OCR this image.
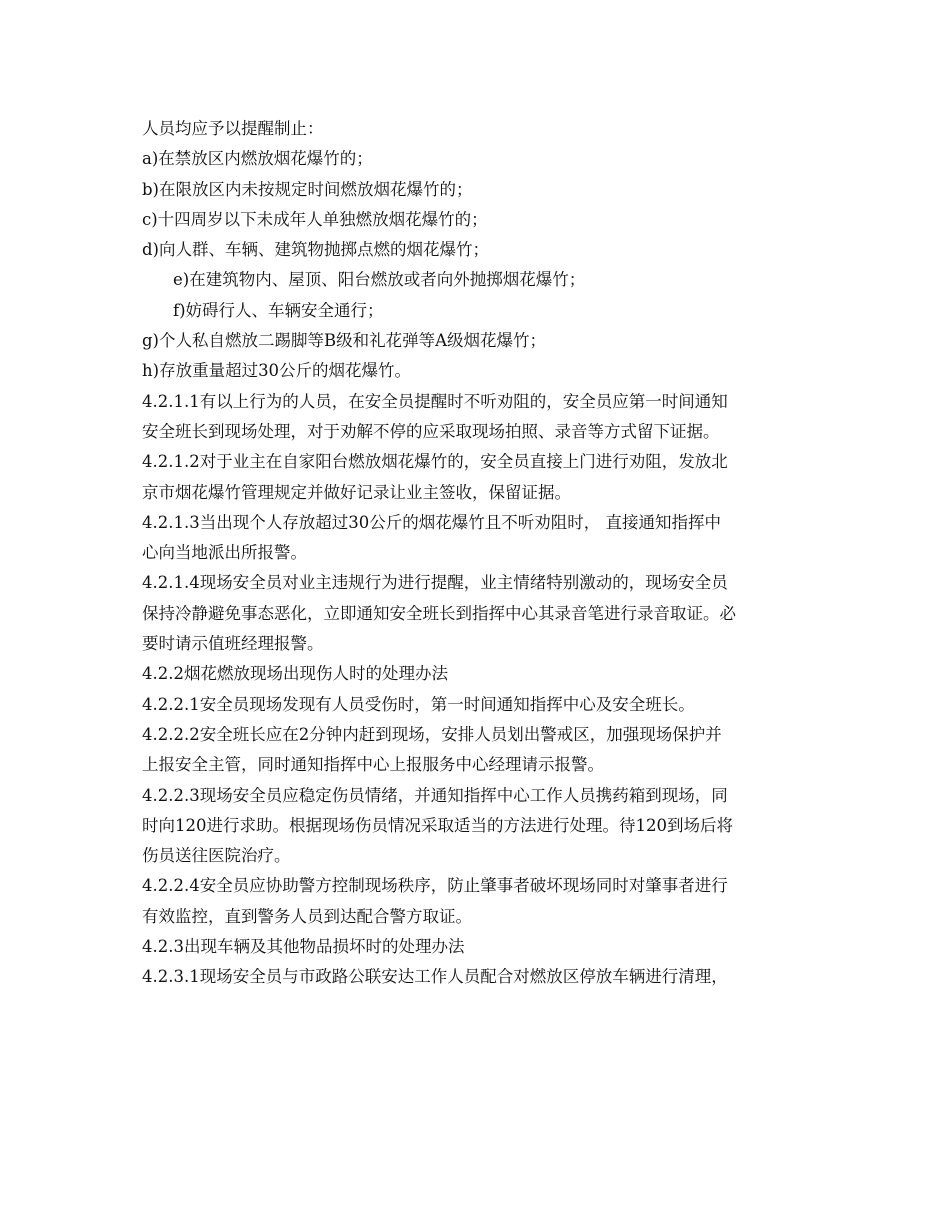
人员均应予以提醒制止：
a)在禁放区内燃放烟花爆竹的；
b)在限放区内未按规定时间燃放烟花爆竹的；
c)十四周岁以下未成年人单独燃放烟花爆竹的；
d)向人群、车辆、建筑物抛掷点燃的烟花爆竹；
e)在建筑物内、屋顶、阳台燃放或者向外抛掷烟花爆竹；
f)妨碍行人、车辆安全通行；
g)个人私自燃放二踢脚等B级和礼花弹等A级烟花爆竹；
h)存放重量超过30公斤的烟花爆竹。
4.2.1.1有以上行为的人员，在安全员提醒时不听劝阻的，安全员应第一时间通知
安全班长到现场处理，对于劝解不停的应采取现场拍照、录音等方式留下证据。
4.2.1.2对于业主在自家阳台燃放烟花爆竹的，安全员直接上门进行劝阻，发放北
京市烟花爆竹管理规定并做好记录让业主签收，保留证据。
4.2.1.3当出现个人存放超过30公斤的烟花爆竹且不听劝阻时， 直接通知指挥中
心向当地派出所报警。
4.2.1.4现场安全员对业主违规行为进行提醒，业主情绪特别激动的，现场安全员
保持冷静避免事态恶化，立即通知安全班长到指挥中心其录音笔进行录音取证。必
要时请示值班经理报警。
4.2.2烟花燃放现场出现伤人时的处理办法
4.2.2.1安全员现场发现有人员受伤时，第一时间通知指挥中心及安全班长。
4.2.2.2安全班长应在2分钟内赶到现场，安排人员划出警戒区，加强现场保护并
上报安全主管，同时通知指挥中心上报服务中心经理请示报警。
4.2.2.3现场安全员应稳定伤员情绪，并通知指挥中心工作人员携药箱到现场，同
时向120进行求助。根据现场伤员情况采取适当的方法进行处理。待120到场后将
伤员送往医院治疗。
4.2.2.4安全员应协助警方控制现场秩序，防止肇事者破坏现场同时对肇事者进行
有效监控，直到警务人员到达配合警方取证。
4.2.3出现车辆及其他物品损坏时的处理办法
4.2.3.1现场安全员与市政路公联安达工作人员配合对燃放区停放车辆进行清理，
